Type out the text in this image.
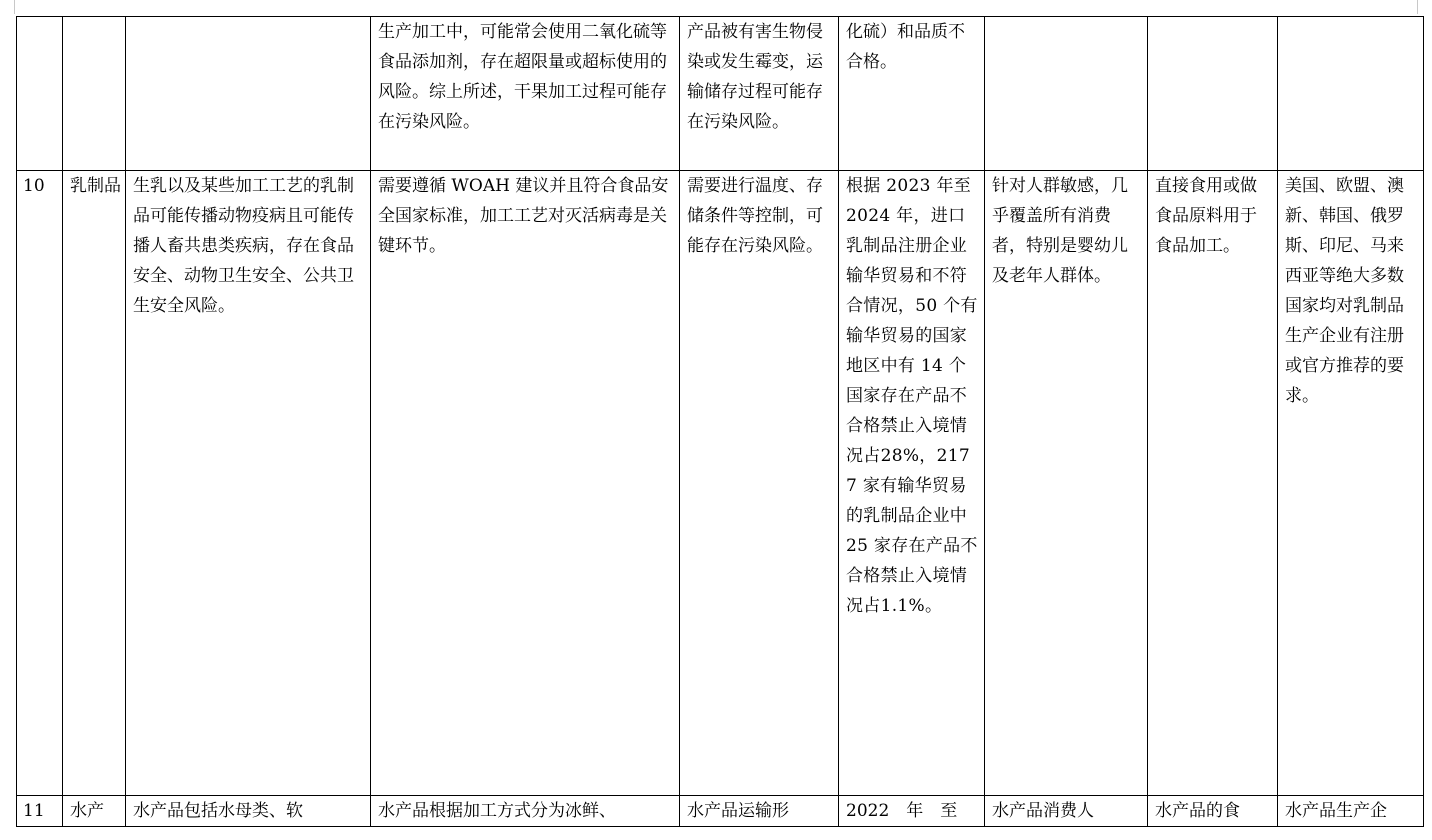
			生产加工中，可能常会使用二氧化硫等食品添加剂，存在超限量或超标使用的风险。综上所述，干果加工过程可能存在污染风险。	产品被有害生物侵染或发生霉变，运输储存过程可能存在污染风险。	化硫）和品质不合格。			
10	乳制品	生乳以及某些加工工艺的乳制品可能传播动物疫病且可能传播人畜共患类疾病，存在食品安全、动物卫生安全、公共卫生安全风险。	需要遵循 WOAH 建议并且符合食品安全国家标准，加工工艺对灭活病毒是关键环节。	需要进行温度、存储条件等控制，可能存在污染风险。	根据 2023 年至 2024 年，进口乳制品注册企业输华贸易和不符合情况，50 个有输华贸易的国家地区中有 14 个国家存在产品不合格禁止入境情况占28%，2177 家有输华贸易的乳制品企业中 25 家存在产品不合格禁止入境情况占1.1%。	针对人群敏感，几乎覆盖所有消费者，特别是婴幼儿及老年人群体。	直接食用或做食品原料用于食品加工。	美国、欧盟、澳新、韩国、俄罗斯、印尼、马来西亚等绝大多数国家均对乳制品生产企业有注册或官方推荐的要求。
11	水产	水产品包括水母类、软	水产品根据加工方式分为冰鲜、	水产品运输形	2022　年　至	水产品消费人	水产品的食	水产品生产企
